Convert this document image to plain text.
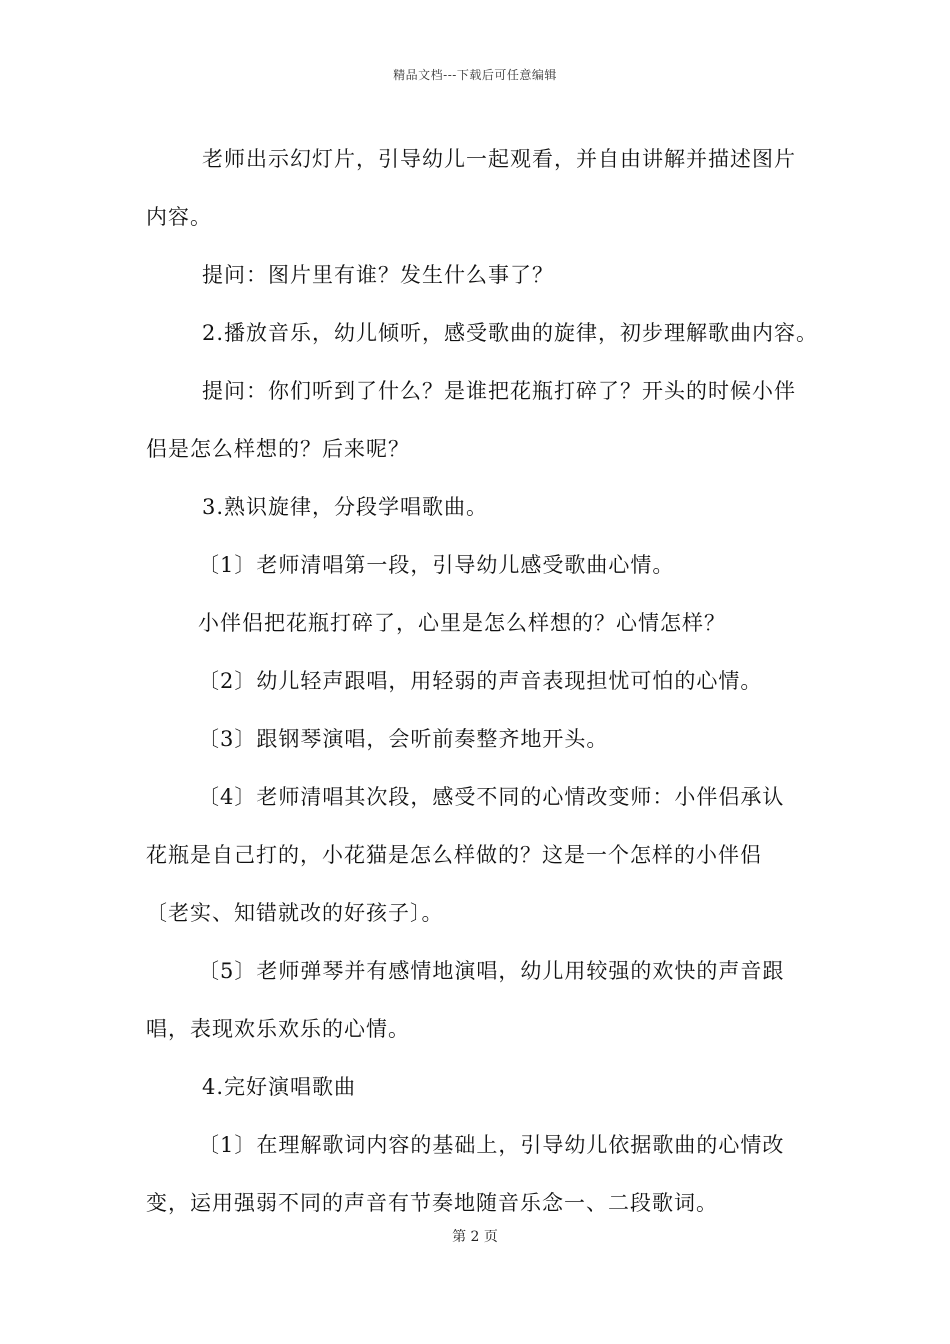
精品文档---下载后可任意编辑

老师出示幻灯片，引导幼儿一起观看，并自由讲解并描述图片

内容。

提问：图片里有谁？发生什么事了？

2.播放音乐，幼儿倾听，感受歌曲的旋律，初步理解歌曲内容。

提问：你们听到了什么？是谁把花瓶打碎了？开头的时候小伴

侣是怎么样想的？后来呢？

3.熟识旋律，分段学唱歌曲。

〔1〕老师清唱第一段，引导幼儿感受歌曲心情。

小伴侣把花瓶打碎了，心里是怎么样想的？心情怎样？

〔2〕幼儿轻声跟唱，用轻弱的声音表现担忧可怕的心情。

〔3〕跟钢琴演唱，会听前奏整齐地开头。

〔4〕老师清唱其次段，感受不同的心情改变师：小伴侣承认

花瓶是自己打的，小花猫是怎么样做的？这是一个怎样的小伴侣

〔老实、知错就改的好孩子〕。

〔5〕老师弹琴并有感情地演唱，幼儿用较强的欢快的声音跟

唱，表现欢乐欢乐的心情。

4.完好演唱歌曲

〔1〕在理解歌词内容的基础上，引导幼儿依据歌曲的心情改

变，运用强弱不同的声音有节奏地随音乐念一、二段歌词。

第 2 页
